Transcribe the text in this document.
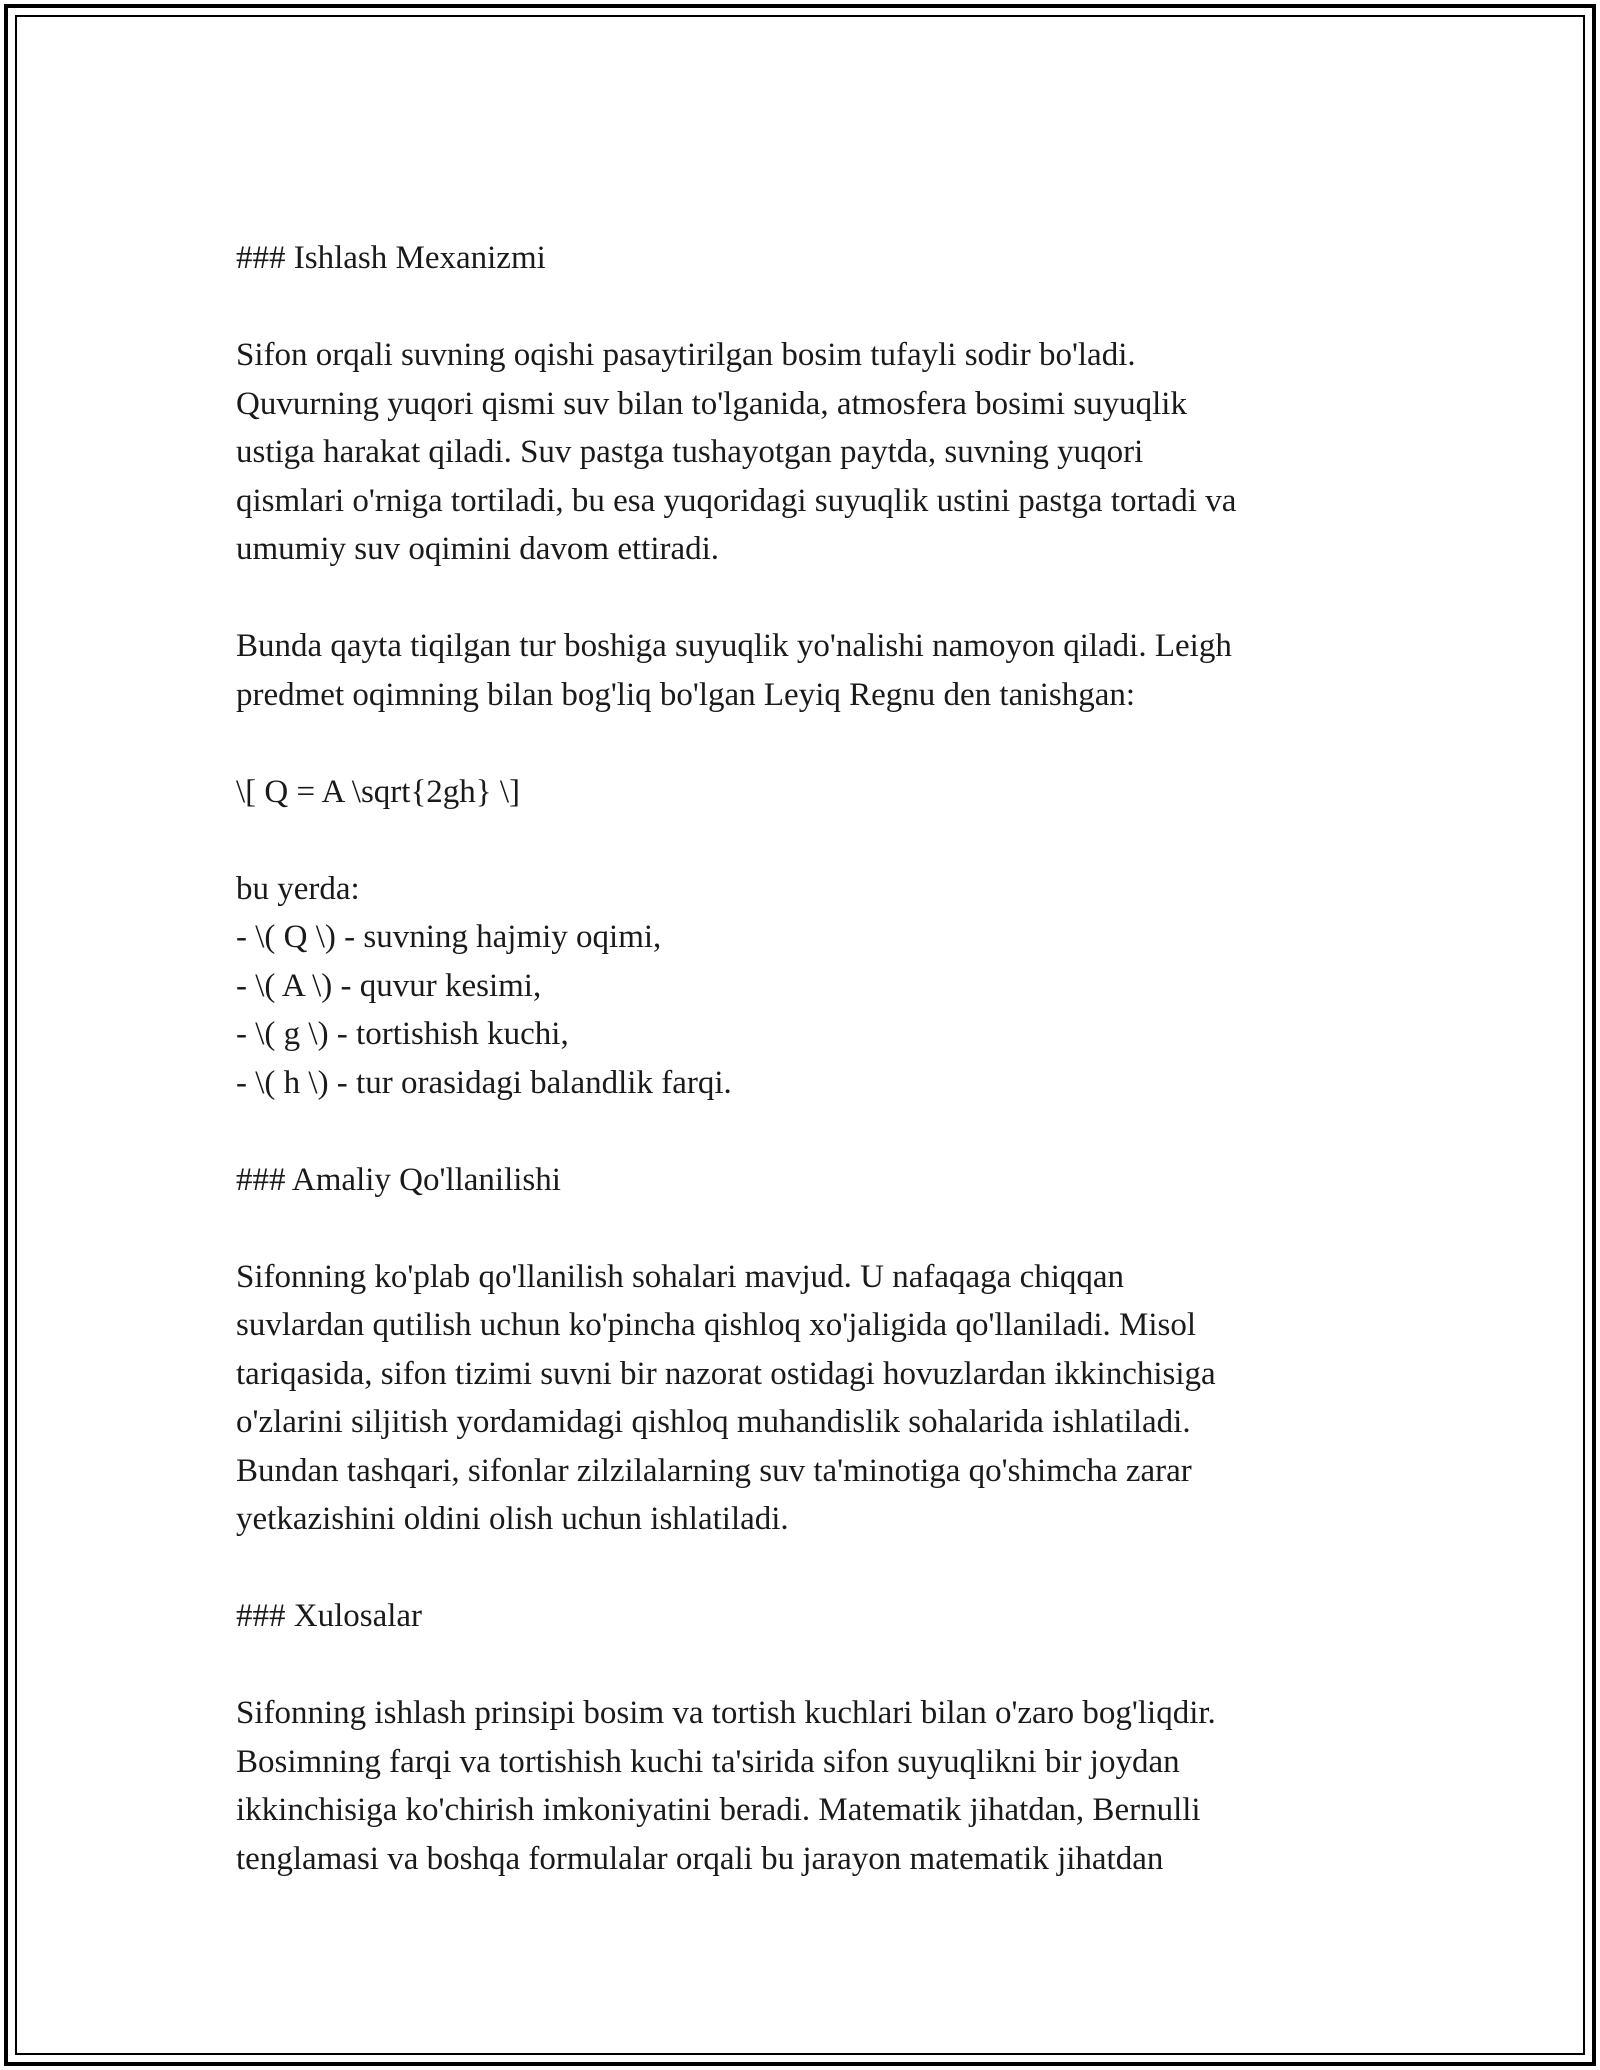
### Ishlash Mexanizmi
Sifon orqali suvning oqishi pasaytirilgan bosim tufayli sodir bo'ladi.
Quvurning yuqori qismi suv bilan to'lganida, atmosfera bosimi suyuqlik
ustiga harakat qiladi. Suv pastga tushayotgan paytda, suvning yuqori
qismlari o'rniga tortiladi, bu esa yuqoridagi suyuqlik ustini pastga tortadi va
umumiy suv oqimini davom ettiradi.
Bunda qayta tiqilgan tur boshiga suyuqlik yo'nalishi namoyon qiladi. Leigh
predmet oqimning bilan bog'liq bo'lgan Leyiq Regnu den tanishgan:
\[ Q = A \sqrt{2gh} \]
bu yerda:
- \( Q \) - suvning hajmiy oqimi,
- \( A \) - quvur kesimi,
- \( g \) - tortishish kuchi,
- \( h \) - tur orasidagi balandlik farqi.
### Amaliy Qo'llanilishi
Sifonning ko'plab qo'llanilish sohalari mavjud. U nafaqaga chiqqan
suvlardan qutilish uchun ko'pincha qishloq xo'jaligida qo'llaniladi. Misol
tariqasida, sifon tizimi suvni bir nazorat ostidagi hovuzlardan ikkinchisiga
o'zlarini siljitish yordamidagi qishloq muhandislik sohalarida ishlatiladi.
Bundan tashqari, sifonlar zilzilalarning suv ta'minotiga qo'shimcha zarar
yetkazishini oldini olish uchun ishlatiladi.
### Xulosalar
Sifonning ishlash prinsipi bosim va tortish kuchlari bilan o'zaro bog'liqdir.
Bosimning farqi va tortishish kuchi ta'sirida sifon suyuqlikni bir joydan
ikkinchisiga ko'chirish imkoniyatini beradi. Matematik jihatdan, Bernulli
tenglamasi va boshqa formulalar orqali bu jarayon matematik jihatdan
